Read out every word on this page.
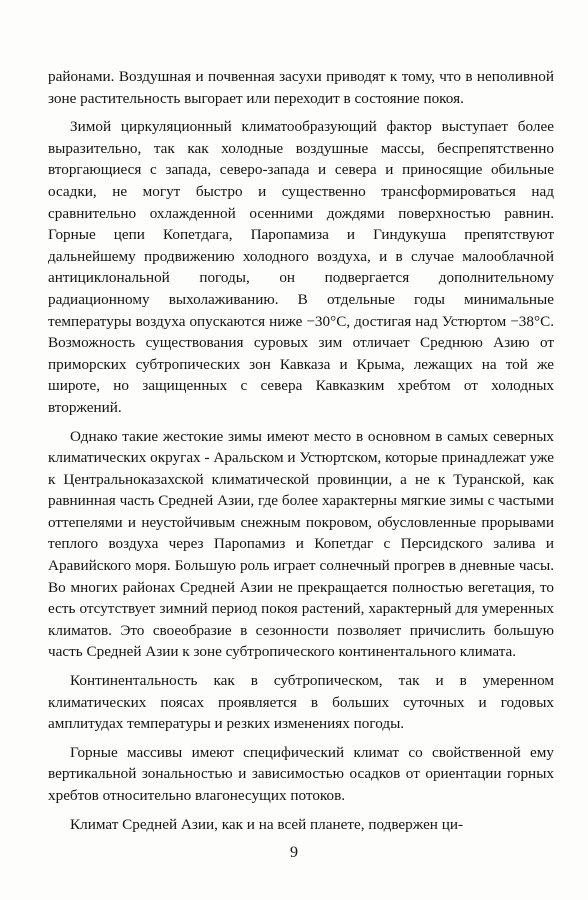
районами. Воздушная и почвенная засухи приводят к тому, что в неполивной зоне растительность выгорает или переходит в состояние покоя.

Зимой циркуляционный климатообразующий фактор выступает более выразительно, так как холодные воздушные массы, беспрепятственно вторгающиеся с запада, северо-запада и севера и приносящие обильные осадки, не могут быстро и существенно трансформироваться над сравнительно охлажденной осенними дождями поверхностью равнин. Горные цепи Копетдага, Паропамиза и Гиндукуша препятствуют дальнейшему продвижению холодного воздуха, и в случае малооблачной антициклональной погоды, он подвергается дополнительному радиационному выхолаживанию. В отдельные годы минимальные температуры воздуха опускаются ниже −30°C, достигая над Устюртом −38°C. Возможность существования суровых зим отличает Среднюю Азию от приморских субтропических зон Кавказа и Крыма, лежащих на той же широте, но защищенных с севера Кавказким хребтом от холодных вторжений.

Однако такие жестокие зимы имеют место в основном в самых северных климатических округах - Аральском и Устюртском, которые принадлежат уже к Центральноказахской климатической провинции, а не к Туранской, как равнинная часть Средней Азии, где более характерны мягкие зимы с частыми оттепелями и неустойчивым снежным покровом, обусловленные прорывами теплого воздуха через Паропамиз и Копетдаг с Персидского залива и Аравийского моря. Большую роль играет солнечный прогрев в дневные часы. Во многих районах Средней Азии не прекращается полностью вегетация, то есть отсутствует зимний период покоя растений, характерный для умеренных климатов. Это своеобразие в сезонности позволяет причислить большую часть Средней Азии к зоне субтропического континентального климата.

Континентальность как в субтропическом, так и в умеренном климатических поясах проявляется в больших суточных и годовых амплитудах температуры и резких изменениях погоды.

Горные массивы имеют специфический климат со свойственной ему вертикальной зональностью и зависимостью осадков от ориентации горных хребтов относительно влагонесущих потоков.

Климат Средней Азии, как и на всей планете, подвержен ци-

9
